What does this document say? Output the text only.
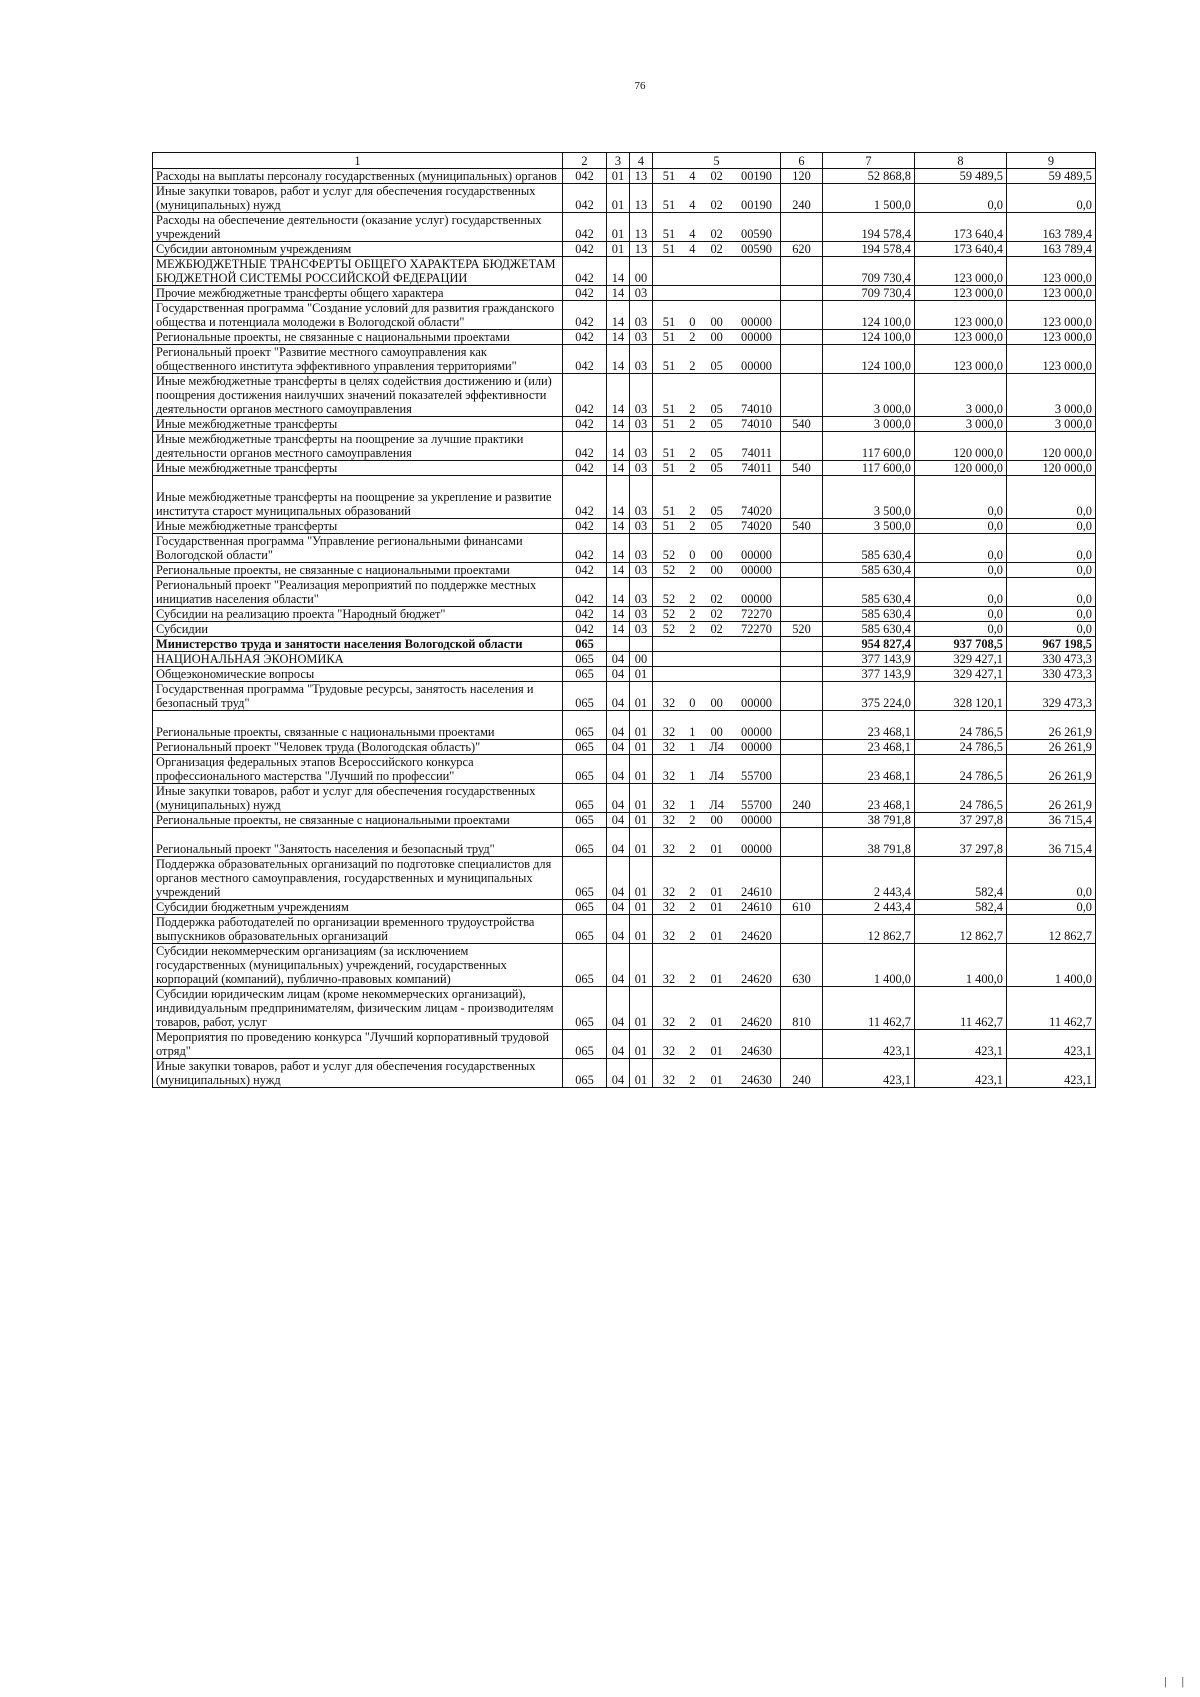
76
1	2	3	4	5	6	7	8	9
Расходы на выплаты персоналу государственных (муниципальных) органов	042	01	13	51 4 02 00190	120	52 868,8	59 489,5	59 489,5
Иные закупки товаров, работ и услуг для обеспечения государственных (муниципальных) нужд	042	01	13	51 4 02 00190	240	1 500,0	0,0	0,0
Расходы на обеспечение деятельности (оказание услуг) государственных учреждений	042	01	13	51 4 02 00590		194 578,4	173 640,4	163 789,4
Субсидии автономным учреждениям	042	01	13	51 4 02 00590	620	194 578,4	173 640,4	163 789,4
МЕЖБЮДЖЕТНЫЕ ТРАНСФЕРТЫ ОБЩЕГО ХАРАКТЕРА БЮДЖЕТАМ БЮДЖЕТНОЙ СИСТЕМЫ РОССИЙСКОЙ ФЕДЕРАЦИИ	042	14	00			709 730,4	123 000,0	123 000,0
Прочие межбюджетные трансферты общего характера	042	14	03			709 730,4	123 000,0	123 000,0
Государственная программа "Создание условий для развития гражданского общества и потенциала молодежи в Вологодской области"	042	14	03	51 0 00 00000		124 100,0	123 000,0	123 000,0
Региональные проекты, не связанные с национальными проектами	042	14	03	51 2 00 00000		124 100,0	123 000,0	123 000,0
Региональный проект "Развитие местного самоуправления как общественного института эффективного управления территориями"	042	14	03	51 2 05 00000		124 100,0	123 000,0	123 000,0
Иные межбюджетные трансферты в целях содействия достижению и (или) поощрения достижения наилучших значений показателей эффективности деятельности органов местного самоуправления	042	14	03	51 2 05 74010		3 000,0	3 000,0	3 000,0
Иные межбюджетные трансферты	042	14	03	51 2 05 74010	540	3 000,0	3 000,0	3 000,0
Иные межбюджетные трансферты на поощрение за лучшие практики деятельности органов местного самоуправления	042	14	03	51 2 05 74011		117 600,0	120 000,0	120 000,0
Иные межбюджетные трансферты	042	14	03	51 2 05 74011	540	117 600,0	120 000,0	120 000,0
Иные межбюджетные трансферты на поощрение за укрепление и развитие института старост муниципальных образований	042	14	03	51 2 05 74020		3 500,0	0,0	0,0
Иные межбюджетные трансферты	042	14	03	51 2 05 74020	540	3 500,0	0,0	0,0
Государственная программа "Управление региональными финансами Вологодской области"	042	14	03	52 0 00 00000		585 630,4	0,0	0,0
Региональные проекты, не связанные с национальными проектами	042	14	03	52 2 00 00000		585 630,4	0,0	0,0
Региональный проект "Реализация мероприятий по поддержке местных инициатив населения области"	042	14	03	52 2 02 00000		585 630,4	0,0	0,0
Субсидии на реализацию проекта "Народный бюджет"	042	14	03	52 2 02 72270		585 630,4	0,0	0,0
Субсидии	042	14	03	52 2 02 72270	520	585 630,4	0,0	0,0
Министерство труда и занятости населения Вологодской области	065					954 827,4	937 708,5	967 198,5
НАЦИОНАЛЬНАЯ ЭКОНОМИКА	065	04	00			377 143,9	329 427,1	330 473,3
Общеэкономические вопросы	065	04	01			377 143,9	329 427,1	330 473,3
Государственная программа "Трудовые ресурсы, занятость населения и безопасный труд"	065	04	01	32 0 00 00000		375 224,0	328 120,1	329 473,3
Региональные проекты, связанные с национальными проектами	065	04	01	32 1 00 00000		23 468,1	24 786,5	26 261,9
Региональный проект "Человек труда (Вологодская область)"	065	04	01	32 1 Л4 00000		23 468,1	24 786,5	26 261,9
Организация федеральных этапов Всероссийского конкурса профессионального мастерства "Лучший по профессии"	065	04	01	32 1 Л4 55700		23 468,1	24 786,5	26 261,9
Иные закупки товаров, работ и услуг для обеспечения государственных (муниципальных) нужд	065	04	01	32 1 Л4 55700	240	23 468,1	24 786,5	26 261,9
Региональные проекты, не связанные с национальными проектами	065	04	01	32 2 00 00000		38 791,8	37 297,8	36 715,4
Региональный проект "Занятость населения и безопасный труд"	065	04	01	32 2 01 00000		38 791,8	37 297,8	36 715,4
Поддержка образовательных организаций по подготовке специалистов для органов местного самоуправления, государственных и муниципальных учреждений	065	04	01	32 2 01 24610		2 443,4	582,4	0,0
Субсидии бюджетным учреждениям	065	04	01	32 2 01 24610	610	2 443,4	582,4	0,0
Поддержка работодателей по организации временного трудоустройства выпускников образовательных организаций	065	04	01	32 2 01 24620		12 862,7	12 862,7	12 862,7
Субсидии некоммерческим организациям (за исключением государственных (муниципальных) учреждений, государственных корпораций (компаний), публично-правовых компаний)	065	04	01	32 2 01 24620	630	1 400,0	1 400,0	1 400,0
Субсидии юридическим лицам (кроме некоммерческих организаций), индивидуальным предпринимателям, физическим лицам - производителям товаров, работ, услуг	065	04	01	32 2 01 24620	810	11 462,7	11 462,7	11 462,7
Мероприятия по проведению конкурса "Лучший корпоративный трудовой отряд"	065	04	01	32 2 01 24630		423,1	423,1	423,1
Иные закупки товаров, работ и услуг для обеспечения государственных (муниципальных) нужд	065	04	01	32 2 01 24630	240	423,1	423,1	423,1
| |
